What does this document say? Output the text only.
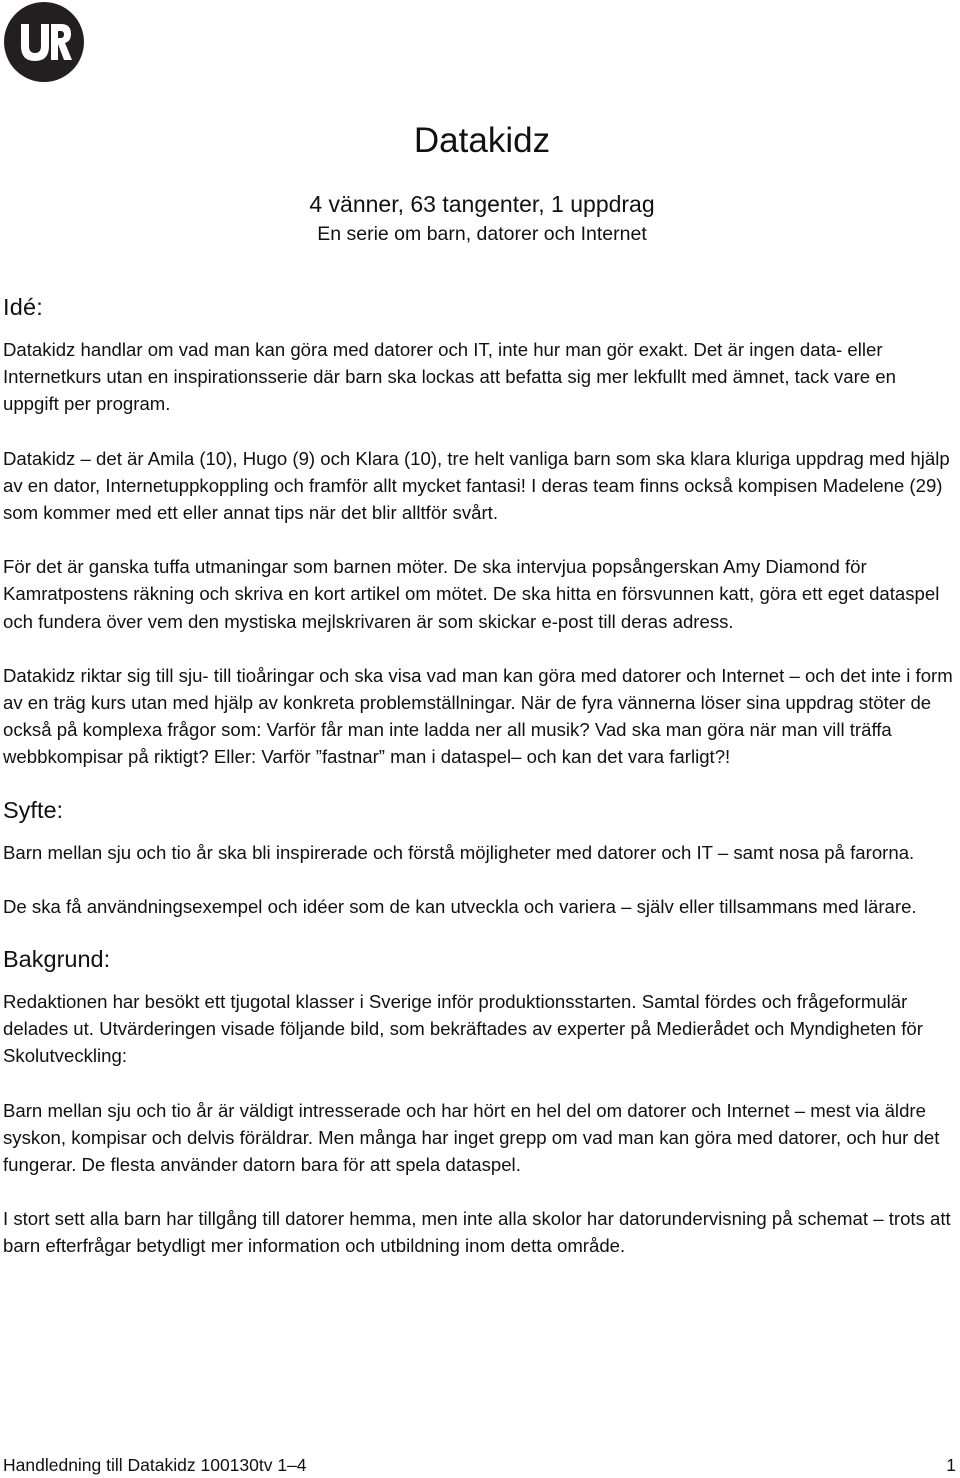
Datakidz
4 vänner, 63 tangenter, 1 uppdrag
En serie om barn, datorer och Internet
Idé:

Datakidz handlar om vad man kan göra med datorer och IT, inte hur man gör exakt. Det är ingen data- eller Internetkurs utan en inspirationsserie där barn ska lockas att befatta sig mer lekfullt med ämnet, tack vare en uppgift per program.

Datakidz – det är Amila (10), Hugo (9) och Klara (10), tre helt vanliga barn som ska klara kluriga uppdrag med hjälp av en dator, Internetuppkoppling och framför allt mycket fantasi! I deras team finns också kompisen Madelene (29) som kommer med ett eller annat tips när det blir alltför svårt.

För det är ganska tuffa utmaningar som barnen möter. De ska intervjua popsångerskan Amy Diamond för Kamratpostens räkning och skriva en kort artikel om mötet. De ska hitta en försvunnen katt, göra ett eget dataspel och fundera över vem den mystiska mejlskrivaren är som skickar e-post till deras adress.

Datakidz riktar sig till sju- till tioåringar och ska visa vad man kan göra med datorer och Internet – och det inte i form av en träg kurs utan med hjälp av konkreta problemställningar. När de fyra vännerna löser sina uppdrag stöter de också på komplexa frågor som: Varför får man inte ladda ner all musik? Vad ska man göra när man vill träffa webbkompisar på riktigt? Eller: Varför ”fastnar” man i dataspel– och kan det vara farligt?!

Syfte:

Barn mellan sju och tio år ska bli inspirerade och förstå möjligheter med datorer och IT – samt nosa på farorna.

De ska få användningsexempel och idéer som de kan utveckla och variera – själv eller tillsammans med lärare.

Bakgrund:

Redaktionen har besökt ett tjugotal klasser i Sverige inför produktionsstarten. Samtal fördes och frågeformulär delades ut. Utvärderingen visade följande bild, som bekräftades av experter på Medierådet och Myndigheten för Skolutveckling:

Barn mellan sju och tio år är väldigt intresserade och har hört en hel del om datorer och Internet – mest via äldre syskon, kompisar och delvis föräldrar. Men många har inget grepp om vad man kan göra med datorer, och hur det fungerar. De flesta använder datorn bara för att spela dataspel.

I stort sett alla barn har tillgång till datorer hemma, men inte alla skolor har datorundervisning på schemat – trots att barn efterfrågar betydligt mer information och utbildning inom detta område.

Handledning till Datakidz 100130tv 1–4	1
